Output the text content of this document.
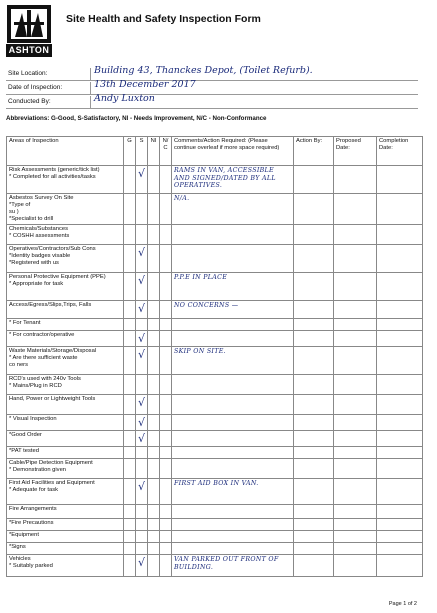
ASHTON
Site Health and Safety Inspection Form
Site Location:	Building 43, Thanckes Depot, (Toilet Refurb).
Date of Inspection:	13th December 2017
Conducted By:	Andy Luxton
Abbreviations: G-Good, S-Satisfactory, NI - Needs Improvement, N/C - Non-Conformance
Areas of Inspection	G	S	NI	N/ C	Comments/Action Required: (Please continue overleaf if more space required)	Action By:	Proposed Date:	Completion Date:
Risk Assessments (generic/tick list)
* Completed for all activities/tasks		√			RAMS IN VAN, ACCESSIBLE AND SIGNED/DATED BY ALL OPERATIVES.			
Asbestos Survey On Site
*Type of
su )
*Specialist to drill					N/A.			
Chemicals/Substances
* COSHH assessments								
Operatives/Contractors/Sub Cons
*Identity badges visable
*Registered with us		√						
Personal Protective Equipment (PPE)
* Appropriate for task		√			P.P.E IN PLACE			
Access/Egress/Slips,Trips, Falls		√			NO CONCERNS —			
* For Tenant								
* For contractor/operative		√						
Waste Materials/Storage/Disposal
* Are there sufficient waste
co ners		√			SKIP ON SITE.			
RCD's used with 240v Tools
* Mains/Plug in RCD								
Hand, Power or Lightweight Tools		√						
* Visual Inspection		√						
*Good Order		√						
*PAT tested								
Cable/Pipe Detection Equipment
* Demonstration given								
First Aid Facilities and Equipment
* Adequate for task		√			FIRST AID BOX IN VAN.			
Fire Arrangements								
*Fire Precautions								
*Equipment								
*Signs								
Vehicles
* Suitably parked		√			VAN PARKED OUT FRONT OF BUILDING.			
Page 1 of 2
